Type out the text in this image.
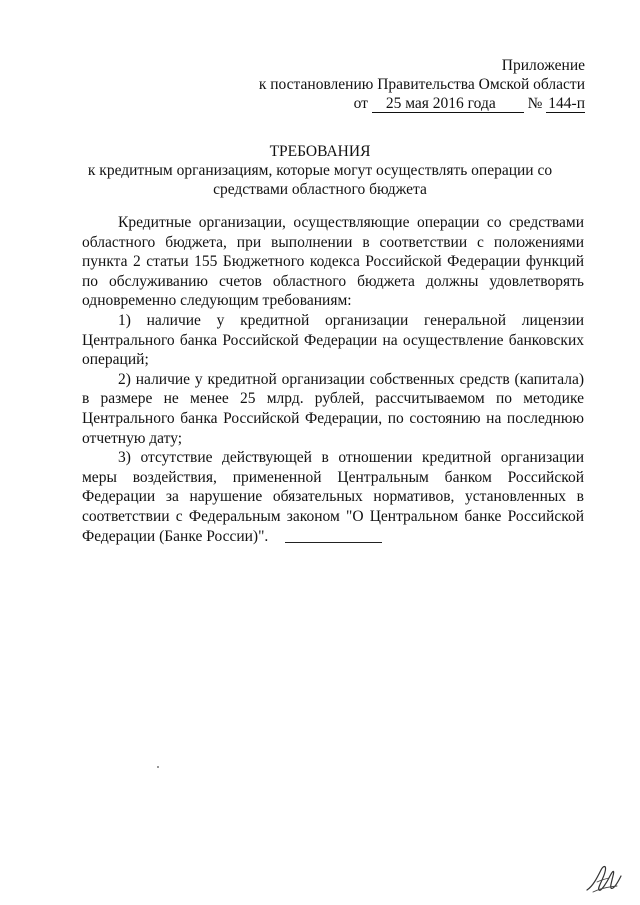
Приложение
к постановлению Правительства Омской области
от 25 мая 2016 года № 144-п
ТРЕБОВАНИЯ
к кредитным организациям, которые могут осуществлять операции со
средствами областного бюджета

Кредитные организации, осуществляющие операции со средствами областного бюджета, при выполнении в соответствии с положениями пункта 2 статьи 155 Бюджетного кодекса Российской Федерации функций по обслуживанию счетов областного бюджета должны удовлетворять одновременно следующим требованиям:

1) наличие у кредитной организации генеральной лицензии Центрального банка Российской Федерации на осуществление банковских операций;

2) наличие у кредитной организации собственных средств (капитала) в размере не менее 25 млрд. рублей, рассчитываемом по методике Центрального банка Российской Федерации, по состоянию на последнюю отчетную дату;

3) отсутствие действующей в отношении кредитной организации меры воздействия, примененной Центральным банком Российской Федерации за нарушение обязательных нормативов, установленных в соответствии с Федеральным законом "О Центральном банке Российской Федерации (Банке России)".
